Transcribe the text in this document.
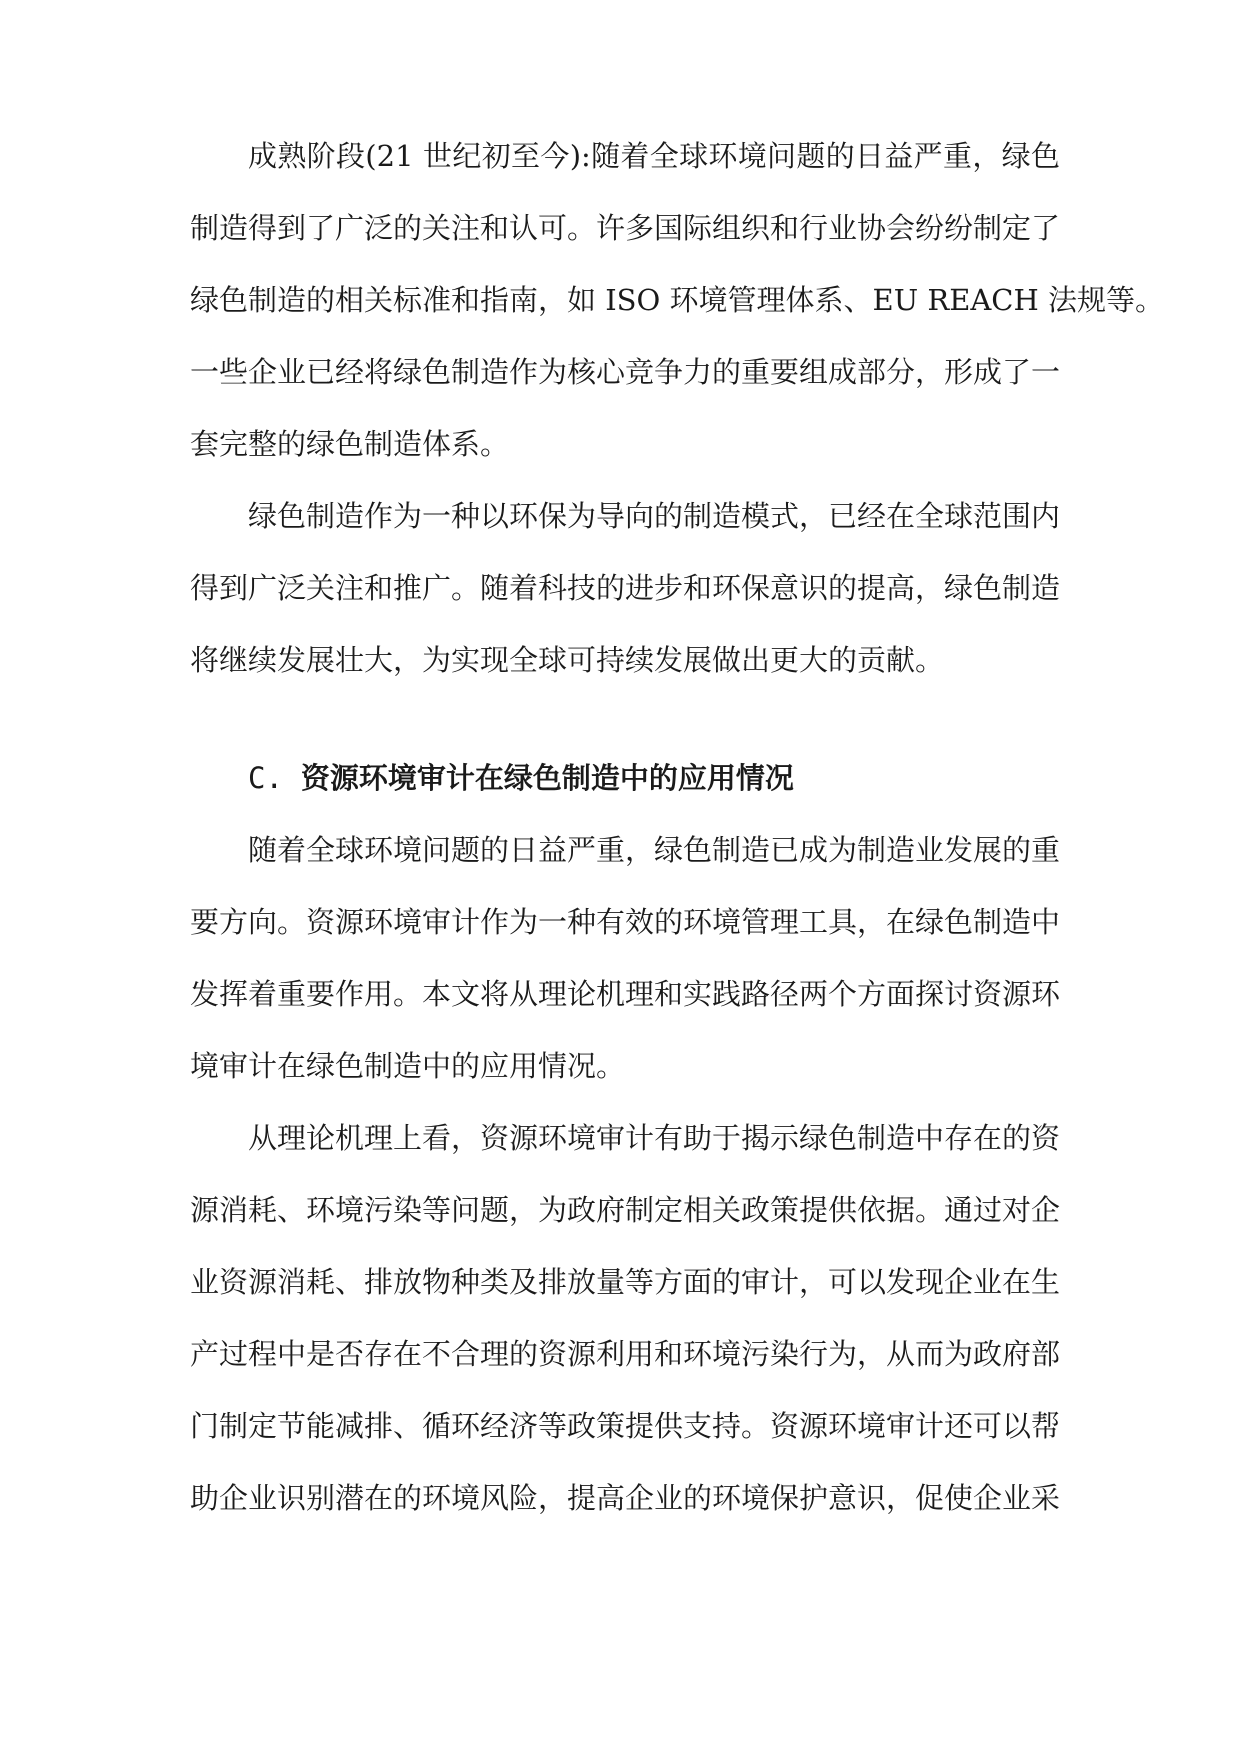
成熟阶段(21 世纪初至今):随着全球环境问题的日益严重，绿色
制造得到了广泛的关注和认可。许多国际组织和行业协会纷纷制定了
绿色制造的相关标准和指南，如 ISO 环境管理体系、EU REACH 法规等。
一些企业已经将绿色制造作为核心竞争力的重要组成部分，形成了一
套完整的绿色制造体系。
绿色制造作为一种以环保为导向的制造模式，已经在全球范围内
得到广泛关注和推广。随着科技的进步和环保意识的提高，绿色制造
将继续发展壮大，为实现全球可持续发展做出更大的贡献。
C. 资源环境审计在绿色制造中的应用情况
随着全球环境问题的日益严重，绿色制造已成为制造业发展的重
要方向。资源环境审计作为一种有效的环境管理工具，在绿色制造中
发挥着重要作用。本文将从理论机理和实践路径两个方面探讨资源环
境审计在绿色制造中的应用情况。
从理论机理上看，资源环境审计有助于揭示绿色制造中存在的资
源消耗、环境污染等问题，为政府制定相关政策提供依据。通过对企
业资源消耗、排放物种类及排放量等方面的审计，可以发现企业在生
产过程中是否存在不合理的资源利用和环境污染行为，从而为政府部
门制定节能减排、循环经济等政策提供支持。资源环境审计还可以帮
助企业识别潜在的环境风险，提高企业的环境保护意识，促使企业采
